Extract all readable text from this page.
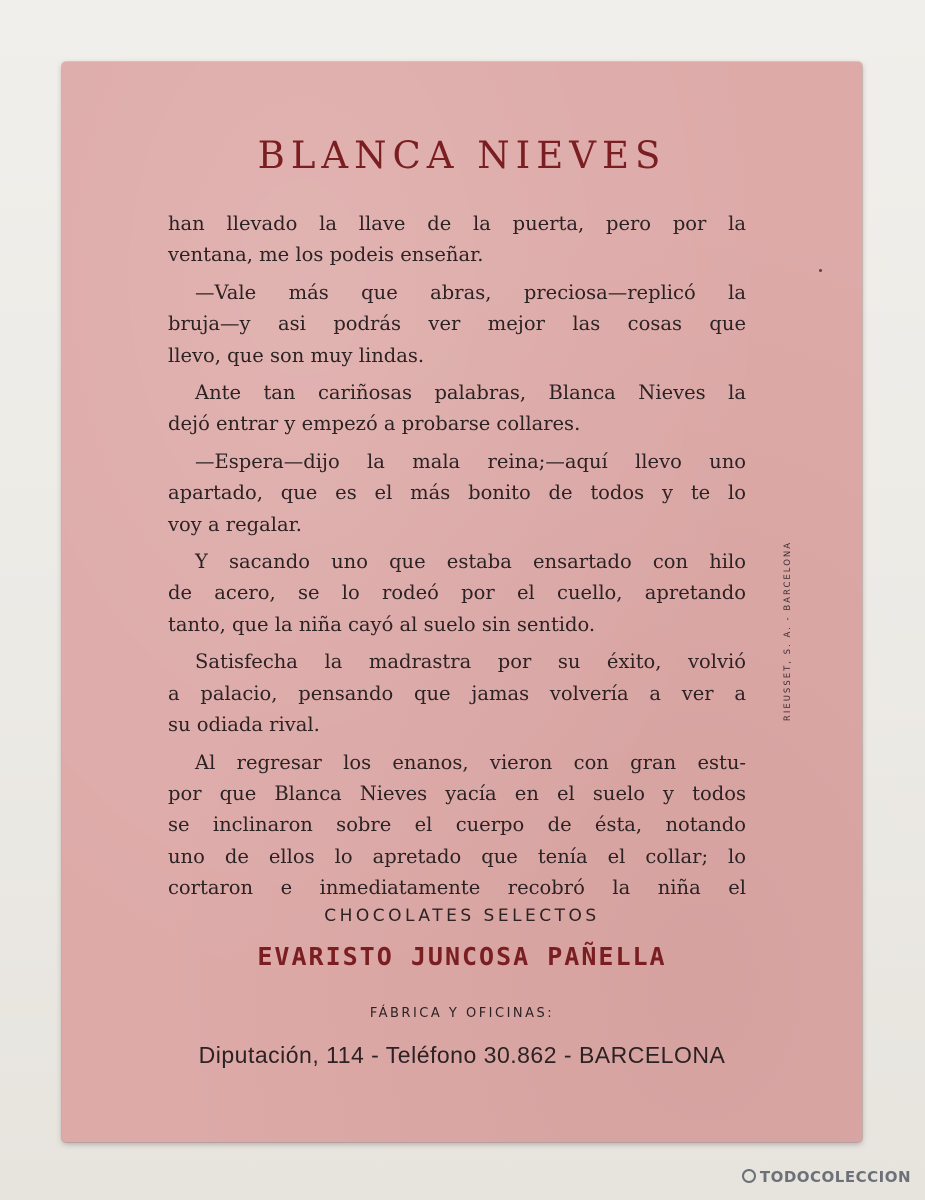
BLANCA NIEVES
han llevado la llave de la puerta, pero por la
ventana, me los podeis enseñar.
—Vale más que abras, preciosa—replicó la
bruja—y asi podrás ver mejor las cosas que
llevo, que son muy lindas.
Ante tan cariñosas palabras, Blanca Nieves la
dejó entrar y empezó a probarse collares.
—Espera—dijo la mala reina;—aquí llevo uno
apartado, que es el más bonito de todos y te lo
voy a regalar.
Y sacando uno que estaba ensartado con hilo
de acero, se lo rodeó por el cuello, apretando
tanto, que la niña cayó al suelo sin sentido.
Satisfecha la madrastra por su éxito, volvió
a palacio, pensando que jamas volvería a ver a
su odiada rival.
Al regresar los enanos, vieron con gran estu-
por que Blanca Nieves yacía en el suelo y todos
se inclinaron sobre el cuerpo de ésta, notando
uno de ellos lo apretado que tenía el collar; lo
cortaron e inmediatamente recobró la niña el
RIEUSSET, S. A. - BARCELONA

CHOCOLATES SELECTOS

EVARISTO JUNCOSA PAÑELLA

FÁBRICA Y OFICINAS:

Diputación, 114 - Teléfono 30.862 - BARCELONA

TODOCOLECCION
